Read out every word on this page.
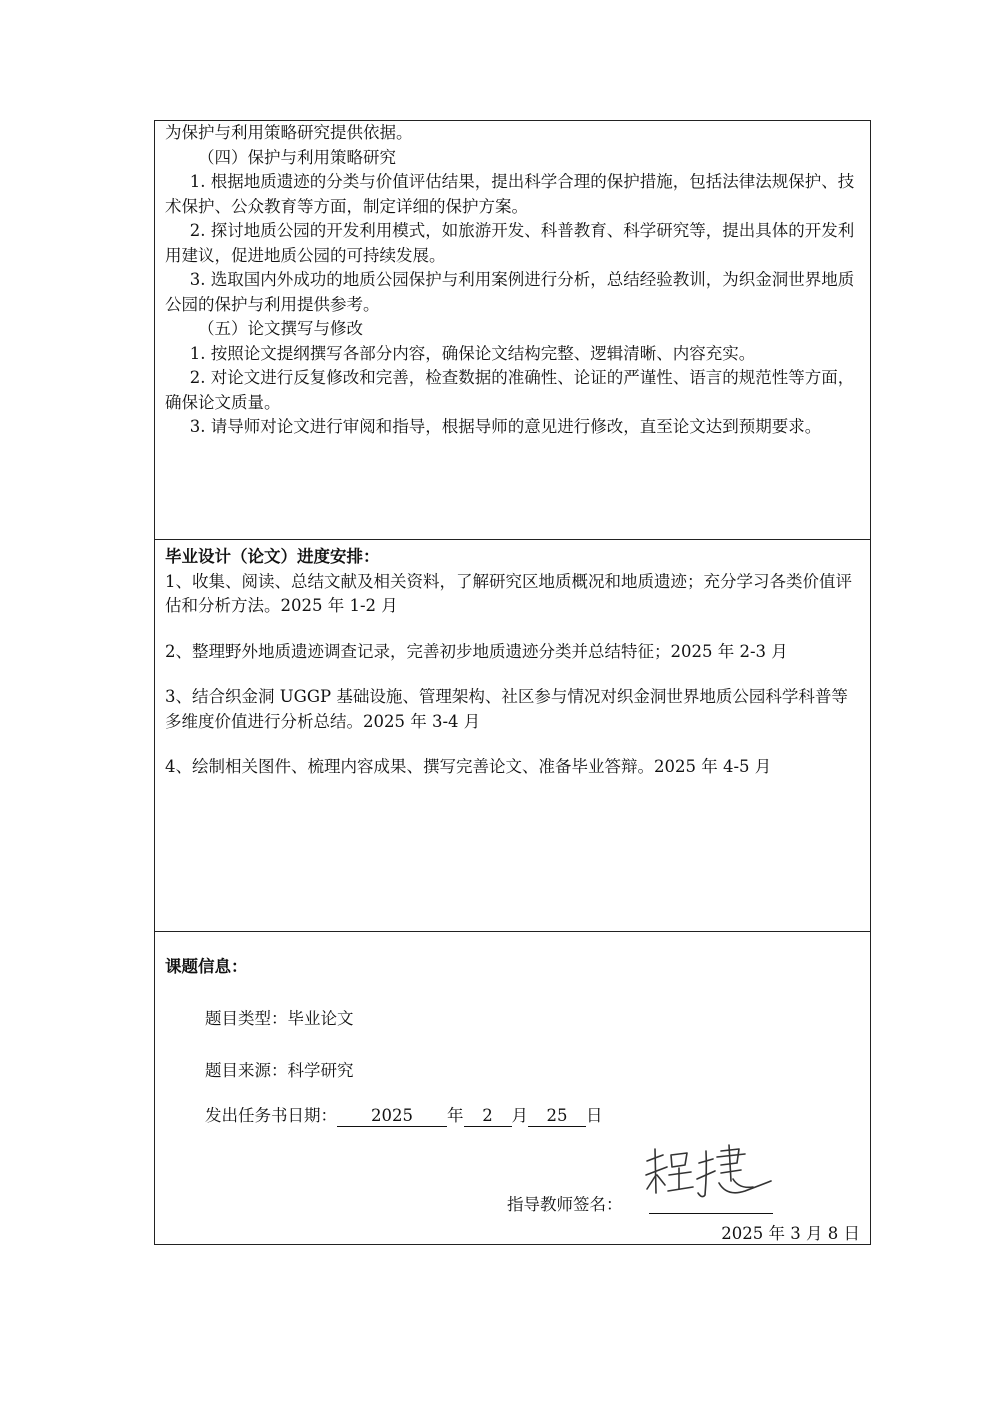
为保护与利用策略研究提供依据。

（四）保护与利用策略研究

1. 根据地质遗迹的分类与价值评估结果，提出科学合理的保护措施，包括法律法规保护、技术保护、公众教育等方面，制定详细的保护方案。

2. 探讨地质公园的开发利用模式，如旅游开发、科普教育、科学研究等，提出具体的开发利用建议，促进地质公园的可持续发展。

3. 选取国内外成功的地质公园保护与利用案例进行分析，总结经验教训，为织金洞世界地质公园的保护与利用提供参考。

（五）论文撰写与修改

1. 按照论文提纲撰写各部分内容，确保论文结构完整、逻辑清晰、内容充实。

2. 对论文进行反复修改和完善，检查数据的准确性、论证的严谨性、语言的规范性等方面，确保论文质量。

3. 请导师对论文进行审阅和指导，根据导师的意见进行修改，直至论文达到预期要求。

毕业设计（论文）进度安排：

1、收集、阅读、总结文献及相关资料，了解研究区地质概况和地质遗迹；充分学习各类价值评估和分析方法。2025 年 1-2 月

2、整理野外地质遗迹调查记录，完善初步地质遗迹分类并总结特征；2025 年 2-3 月

3、结合织金洞 UGGP 基础设施、管理架构、社区参与情况对织金洞世界地质公园科学科普等多维度价值进行分析总结。2025 年 3-4 月

4、绘制相关图件、梳理内容成果、撰写完善论文、准备毕业答辩。2025 年 4-5 月

课题信息：
题目类型：毕业论文
题目来源：科学研究
发出任务书日期： 2025 年 2 月 25 日
指导教师签名：
2025 年 3 月 8 日
